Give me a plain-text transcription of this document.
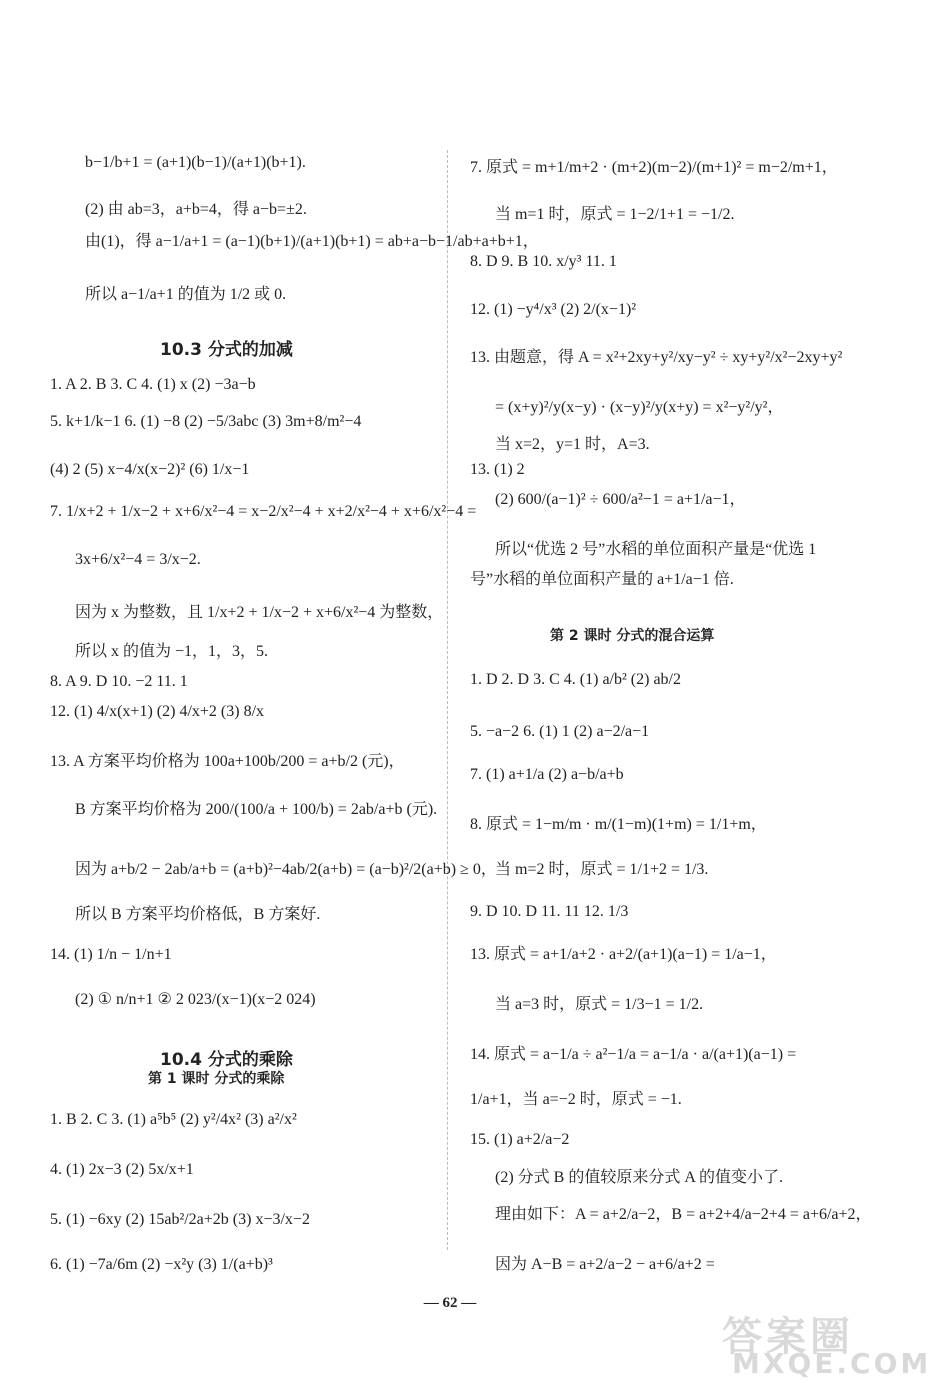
b−1/b+1 = (a+1)(b−1)/(a+1)(b+1).
(2) 由 ab=3，a+b=4，得 a−b=±2.
由(1)，得 a−1/a+1 = (a−1)(b+1)/(a+1)(b+1) = ab+a−b−1/ab+a+b+1，
所以 a−1/a+1 的值为 1/2 或 0.
10.3 分式的加减
1. A 2. B 3. C 4. (1) x (2) −3a−b
5. k+1/k−1 6. (1) −8 (2) −5/3abc (3) 3m+8/m²−4
(4) 2 (5) x−4/x(x−2)² (6) 1/x−1
7. 1/x+2 + 1/x−2 + x+6/x²−4 = x−2/x²−4 + x+2/x²−4 + x+6/x²−4 =
3x+6/x²−4 = 3/x−2.
因为 x 为整数，且 1/x+2 + 1/x−2 + x+6/x²−4 为整数，
所以 x 的值为 −1，1，3，5.
8. A 9. D 10. −2 11. 1
12. (1) 4/x(x+1) (2) 4/x+2 (3) 8/x
13. A 方案平均价格为 100a+100b/200 = a+b/2 (元)，
B 方案平均价格为 200/(100/a + 100/b) = 2ab/a+b (元).
因为 a+b/2 − 2ab/a+b = (a+b)²−4ab/2(a+b) = (a−b)²/2(a+b) ≥ 0，
所以 B 方案平均价格低，B 方案好.
14. (1) 1/n − 1/n+1
(2) ① n/n+1 ② 2 023/(x−1)(x−2 024)
10.4 分式的乘除
第 1 课时 分式的乘除
1. B 2. C 3. (1) a⁵b⁵ (2) y²/4x² (3) a²/x²
4. (1) 2x−3 (2) 5x/x+1
5. (1) −6xy (2) 15ab²/2a+2b (3) x−3/x−2
6. (1) −7a/6m (2) −x²y (3) 1/(a+b)³
7. 原式 = m+1/m+2 · (m+2)(m−2)/(m+1)² = m−2/m+1，
当 m=1 时，原式 = 1−2/1+1 = −1/2.
8. D 9. B 10. x/y³ 11. 1
12. (1) −y⁴/x³ (2) 2/(x−1)²
13. 由题意，得 A = x²+2xy+y²/xy−y² ÷ xy+y²/x²−2xy+y²
= (x+y)²/y(x−y) · (x−y)²/y(x+y) = x²−y²/y²，
当 x=2，y=1 时，A=3.
13. (1) 2
(2) 600/(a−1)² ÷ 600/a²−1 = a+1/a−1，
所以“优选 2 号”水稻的单位面积产量是“优选 1
号”水稻的单位面积产量的 a+1/a−1 倍.
第 2 课时 分式的混合运算
1. D 2. D 3. C 4. (1) a/b² (2) ab/2
5. −a−2 6. (1) 1 (2) a−2/a−1
7. (1) a+1/a (2) a−b/a+b
8. 原式 = 1−m/m · m/(1−m)(1+m) = 1/1+m，
当 m=2 时，原式 = 1/1+2 = 1/3.
9. D 10. D 11. 11 12. 1/3
13. 原式 = a+1/a+2 · a+2/(a+1)(a−1) = 1/a−1，
当 a=3 时，原式 = 1/3−1 = 1/2.
14. 原式 = a−1/a ÷ a²−1/a = a−1/a · a/(a+1)(a−1) =
1/a+1，当 a=−2 时，原式 = −1.
15. (1) a+2/a−2
(2) 分式 B 的值较原来分式 A 的值变小了.
理由如下：A = a+2/a−2，B = a+2+4/a−2+4 = a+6/a+2，
因为 A−B = a+2/a−2 − a+6/a+2 =
— 62 —
答案圈
MXQE.COM
